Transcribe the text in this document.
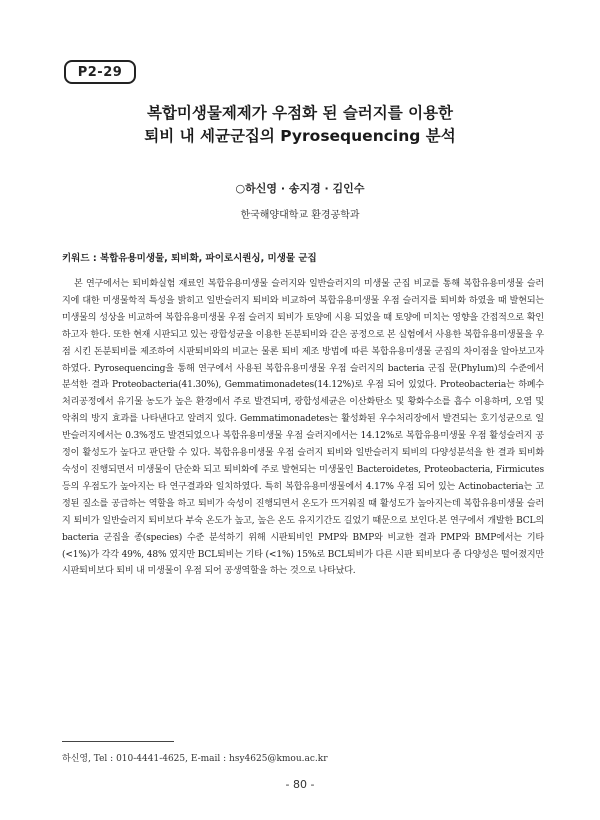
P2-29
복합미생물제제가 우점화 된 슬러지를 이용한
퇴비 내 세균군집의 Pyrosequencing 분석
○하신영 · 송지경 · 김인수
한국해양대학교 환경공학과
키워드 : 복합유용미생물, 퇴비화, 파이로시퀀싱, 미생물 군집
본 연구에서는 퇴비화실험 재료인 복합유용미생물 슬러지와 일반슬러지의 미생물 군집 비교를 통해 복합유용미생물 슬러지에 대한 미생물학적 특성을 밝히고 일반슬러지 퇴비와 비교하여 복합유용미생물 우점 슬러지를 퇴비화 하였을 때 발현되는 미생물의 성상을 비교하여 복합유용미생물 우점 슬러지 퇴비가 토양에 시용 되었을 때 토양에 미치는 영향을 간접적으로 확인하고자 한다. 또한 현재 시판되고 있는 광합성균을 이용한 돈분퇴비와 같은 공정으로 본 실험에서 사용한 복합유용미생물을 우점 시킨 돈분퇴비를 제조하여 시판퇴비와의 비교는 물론 퇴비 제조 방법에 따른 복합유용미생물 군집의 차이점을 알아보고자 하였다. Pyrosequencing을 통해 연구에서 사용된 복합유용미생물 우점 슬러지의 bacteria 군집 문(Phylum)의 수준에서 분석한 결과 Proteobacteria(41.30%), Gemmatimonadetes(14.12%)로 우점 되어 있었다. Proteobacteria는 하폐수 처리공정에서 유기물 농도가 높은 환경에서 주로 발견되며, 광합성세균은 이산화탄소 및 황화수소를 흡수 이용하며, 오염 및 악취의 방지 효과를 나타낸다고 알려지 있다. Gemmatimonadetes는 활성화된 우수처리장에서 발견되는 호기성균으로 일반슬러지에서는 0.3%정도 발견되었으나 복합유용미생물 우점 슬러지에서는 14.12%로 복합유용미생물 우점 활성슬러지 공정이 활성도가 높다고 판단할 수 있다. 복합유용미생물 우점 슬러지 퇴비와 일반슬러지 퇴비의 다양성분석을 한 결과 퇴비화 숙성이 진행되면서 미생물이 단순화 되고 퇴비화에 주로 발현되는 미생물인 Bacteroidetes, Proteobacteria, Firmicutes등의 우점도가 높아지는 타 연구결과와 일치하였다. 특히 복합유용미생물에서 4.17% 우점 되어 있는 Actinobacteria는 고정된 질소를 공급하는 역할을 하고 퇴비가 숙성이 진행되면서 온도가 뜨거워질 때 활성도가 높아지는데 복합유용미생물 슬러지 퇴비가 일반슬러지 퇴비보다 부숙 온도가 높고, 높은 온도 유지기간도 길었기 때문으로 보인다.본 연구에서 개발한 BCL의 bacteria 군집을 종(species) 수준 분석하기 위해 시판퇴비인 PMP와 BMP와 비교한 결과 PMP와 BMP에서는 기타 (<1%)가 각각 49%, 48% 였지만 BCL퇴비는 기타 (<1%) 15%로 BCL퇴비가 다른 시판 퇴비보다 종 다양성은 떨어졌지만 시판퇴비보다 퇴비 내 미생물이 우점 되어 공생역할을 하는 것으로 나타났다.
하신영, Tel : 010-4441-4625, E-mail : hsy4625@kmou.ac.kr
- 80 -
